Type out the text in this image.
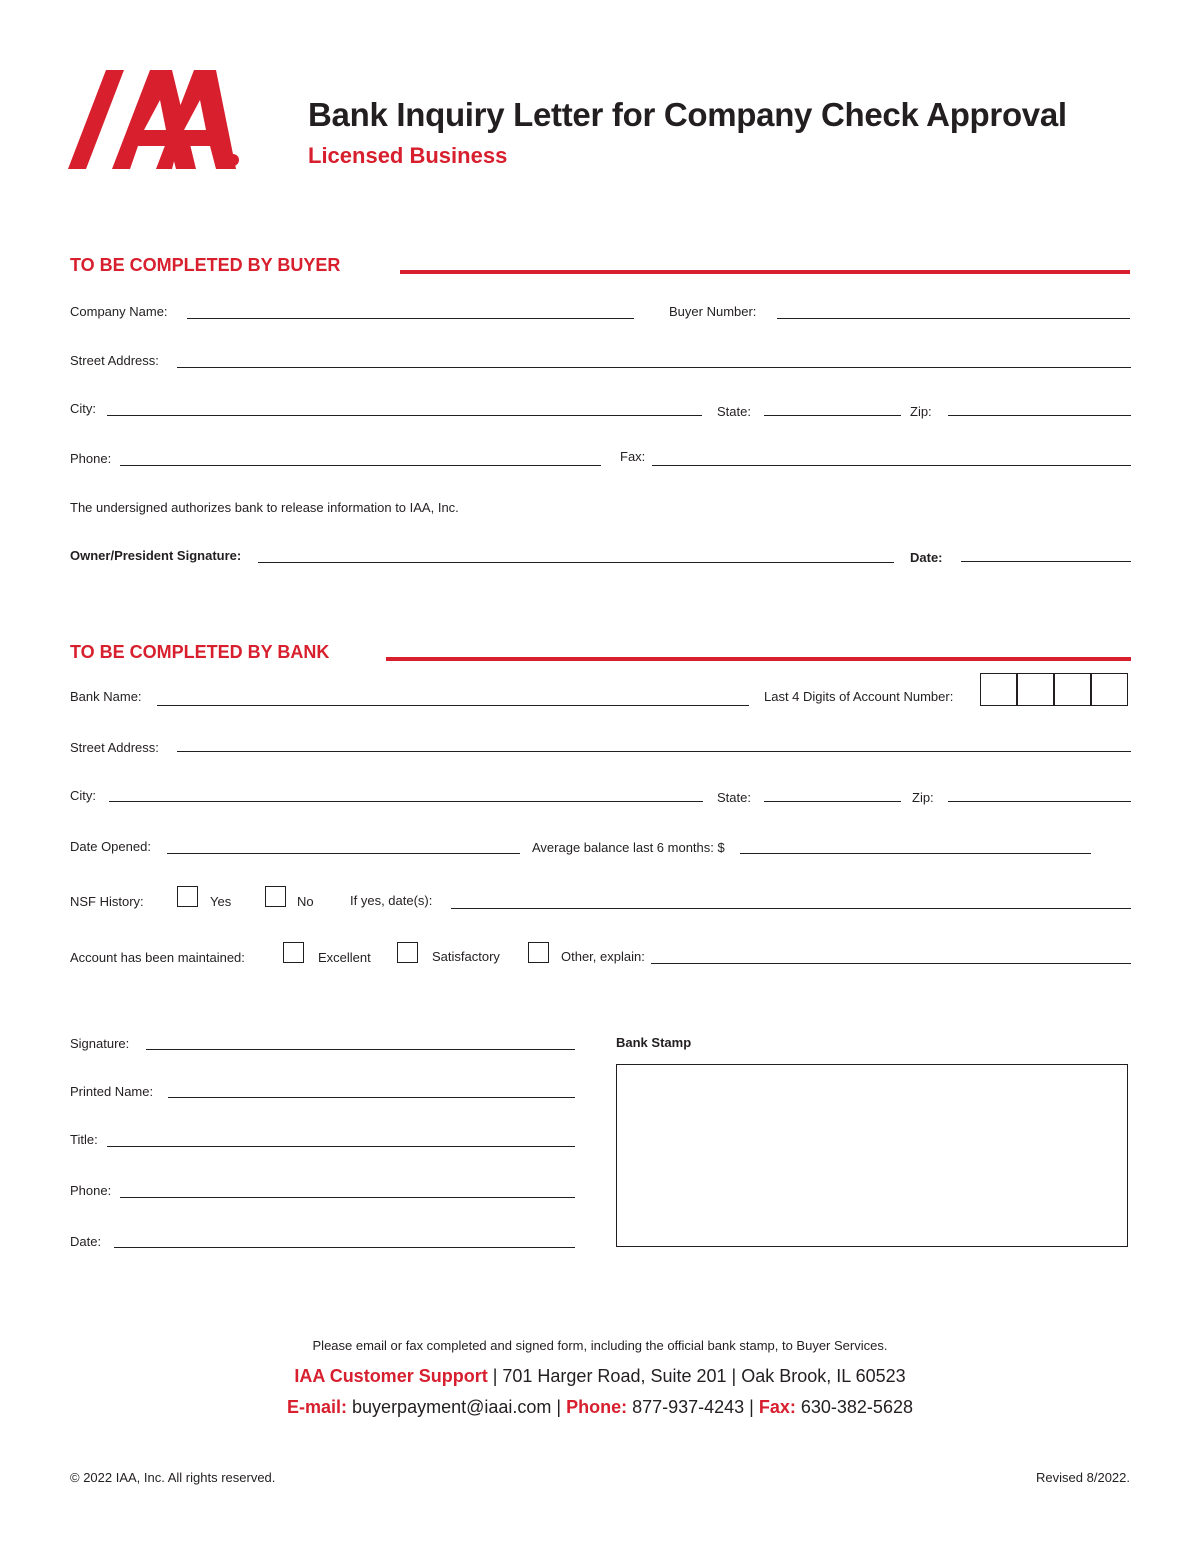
Bank Inquiry Letter for Company Check Approval
Licensed Business
TO BE COMPLETED BY BUYER
Company Name:	Buyer Number:
Street Address:
City:	State:	Zip:
Phone:	Fax:
The undersigned authorizes bank to release information to IAA, Inc.
Owner/President Signature:	Date:
TO BE COMPLETED BY BANK
Bank Name:	Last 4 Digits of Account Number:
Street Address:
City:	State:	Zip:
Date Opened:	Average balance last 6 months: $
NSF History:	Yes	No	If yes, date(s):
Account has been maintained:	Excellent	Satisfactory	Other, explain:
Signature:
Printed Name:
Title:
Phone:
Date:
Bank Stamp
Please email or fax completed and signed form, including the official bank stamp, to Buyer Services.
IAA Customer Support | 701 Harger Road, Suite 201 | Oak Brook, IL 60523
E-mail: buyerpayment@iaai.com | Phone: 877-937-4243 | Fax: 630-382-5628
© 2022 IAA, Inc. All rights reserved.	Revised 8/2022.
